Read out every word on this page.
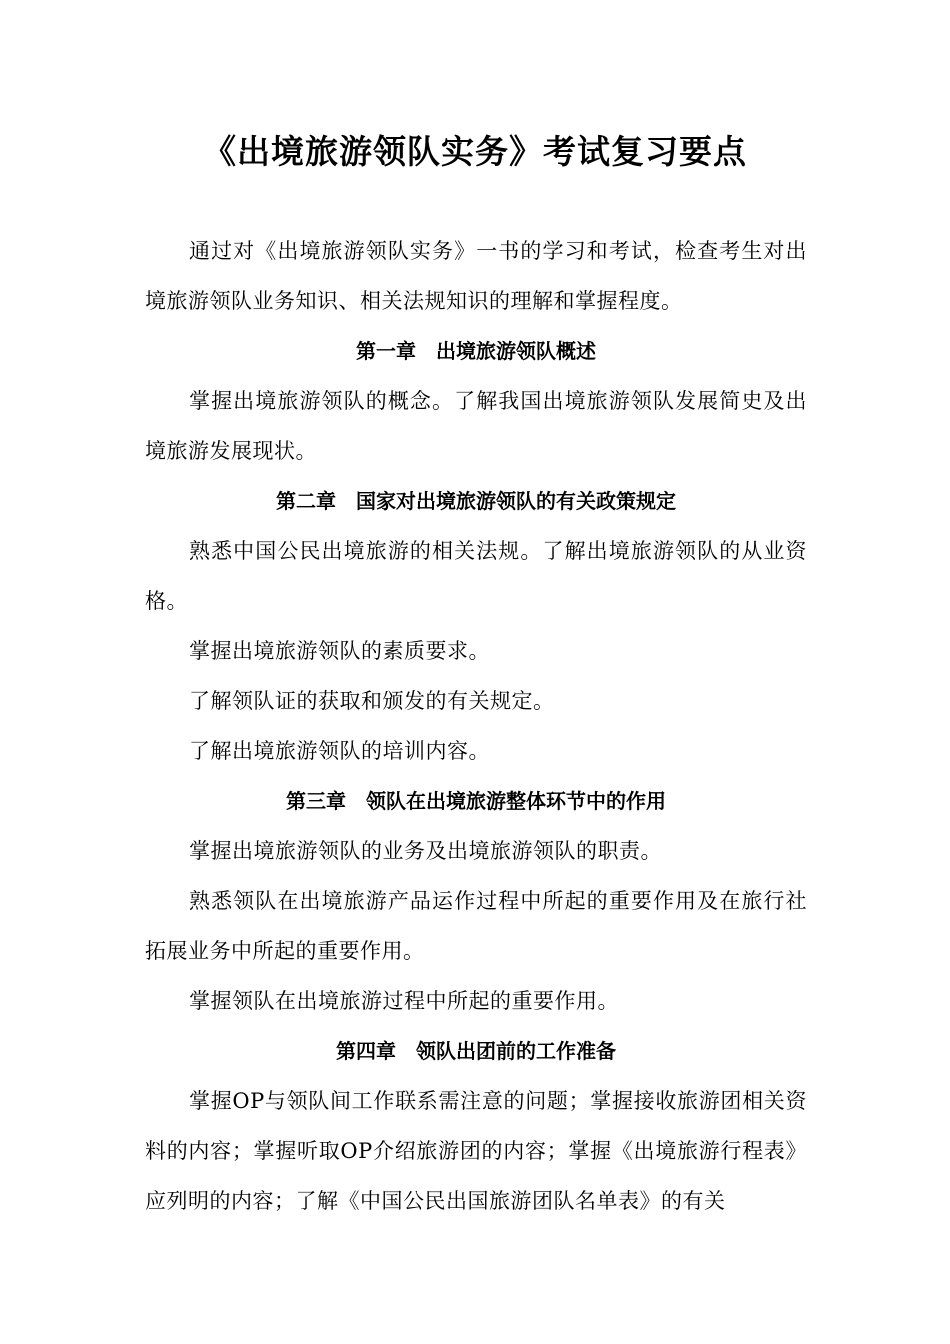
《出境旅游领队实务》考试复习要点

通过对《出境旅游领队实务》一书的学习和考试，检查考生对出境旅游领队业务知识、相关法规知识的理解和掌握程度。

第一章　出境旅游领队概述

掌握出境旅游领队的概念。了解我国出境旅游领队发展简史及出境旅游发展现状。

第二章　国家对出境旅游领队的有关政策规定

熟悉中国公民出境旅游的相关法规。了解出境旅游领队的从业资格。

掌握出境旅游领队的素质要求。

了解领队证的获取和颁发的有关规定。

了解出境旅游领队的培训内容。

第三章　领队在出境旅游整体环节中的作用

掌握出境旅游领队的业务及出境旅游领队的职责。

熟悉领队在出境旅游产品运作过程中所起的重要作用及在旅行社拓展业务中所起的重要作用。

掌握领队在出境旅游过程中所起的重要作用。

第四章　领队出团前的工作准备

掌握OP与领队间工作联系需注意的问题；掌握接收旅游团相关资料的内容；掌握听取OP介绍旅游团的内容；掌握《出境旅游行程表》应列明的内容；了解《中国公民出国旅游团队名单表》的有关
